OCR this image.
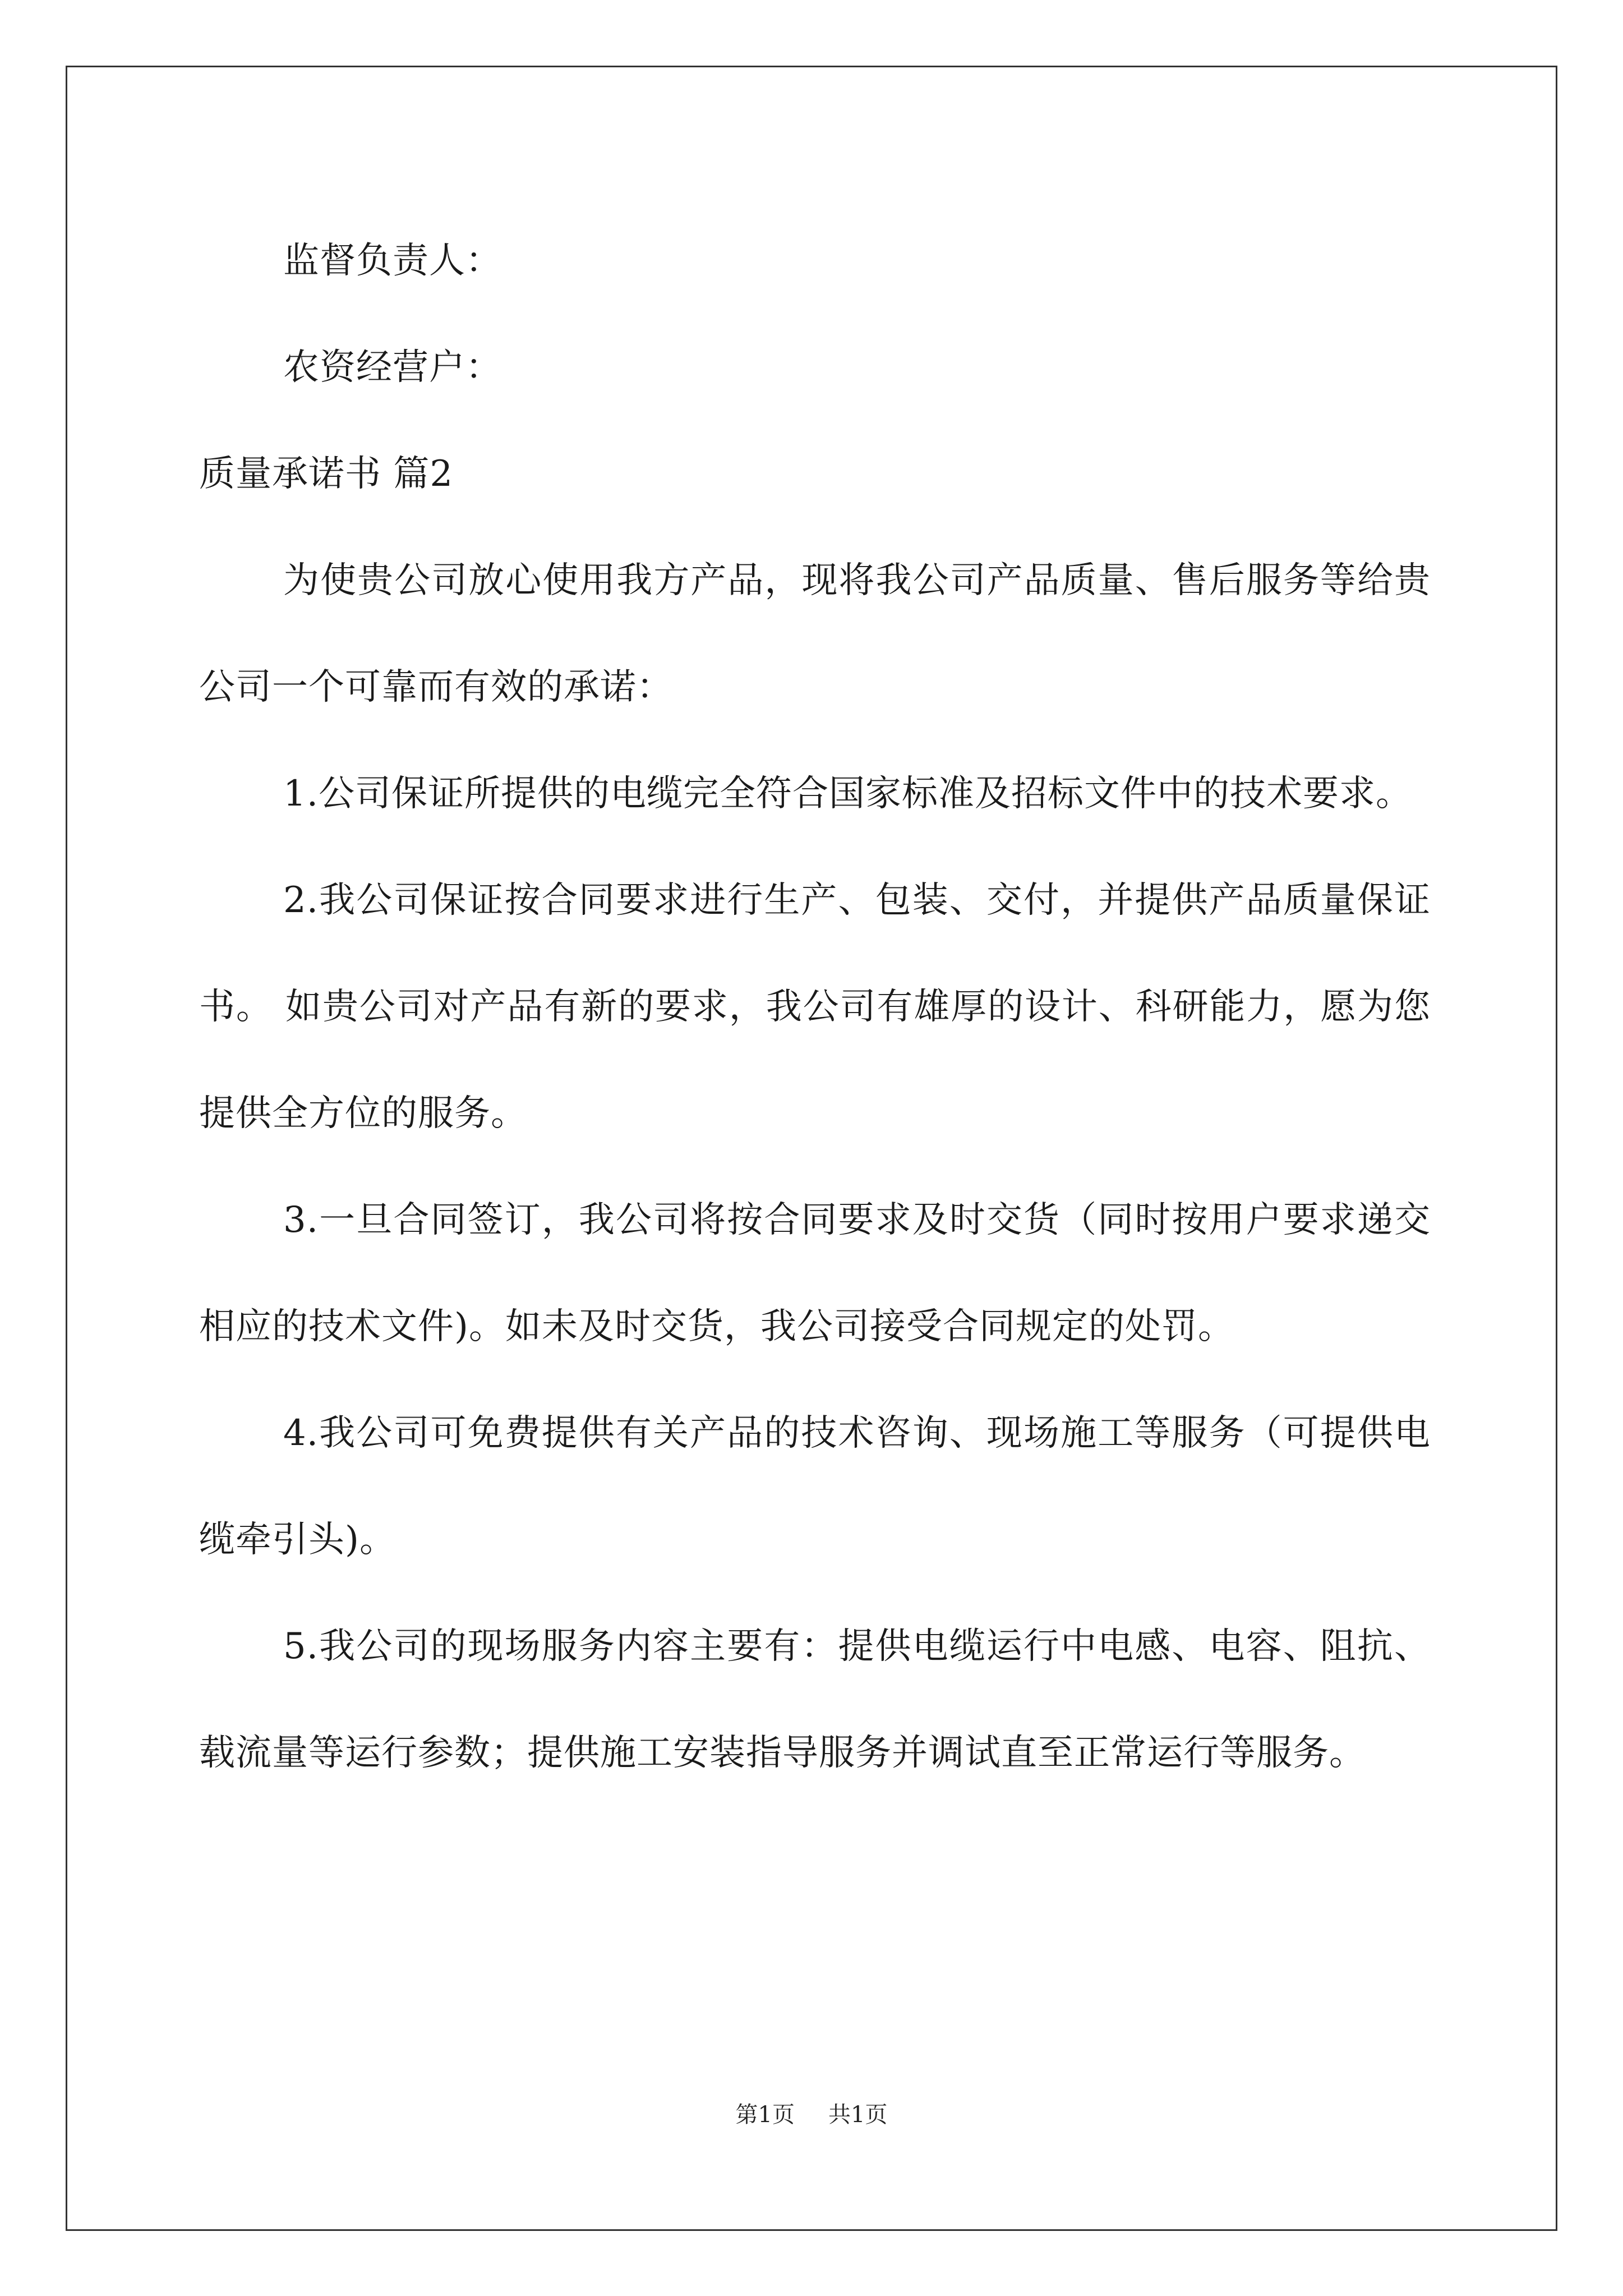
监督负责人：

农资经营户：

质量承诺书 篇2

为使贵公司放心使用我方产品，现将我公司产品质量、售后服务等给贵公司一个可靠而有效的承诺：

1.公司保证所提供的电缆完全符合国家标准及招标文件中的技术要求。

2.我公司保证按合同要求进行生产、包装、交付，并提供产品质量保证书。 如贵公司对产品有新的要求，我公司有雄厚的设计、科研能力，愿为您提供全方位的服务。

3.一旦合同签订，我公司将按合同要求及时交货（同时按用户要求递交相应的技术文件)。如未及时交货，我公司接受合同规定的处罚。

4.我公司可免费提供有关产品的技术咨询、现场施工等服务（可提供电缆牵引头)。

5.我公司的现场服务内容主要有：提供电缆运行中电感、电容、阻抗、载流量等运行参数；提供施工安装指导服务并调试直至正常运行等服务。

第1页 共1页
